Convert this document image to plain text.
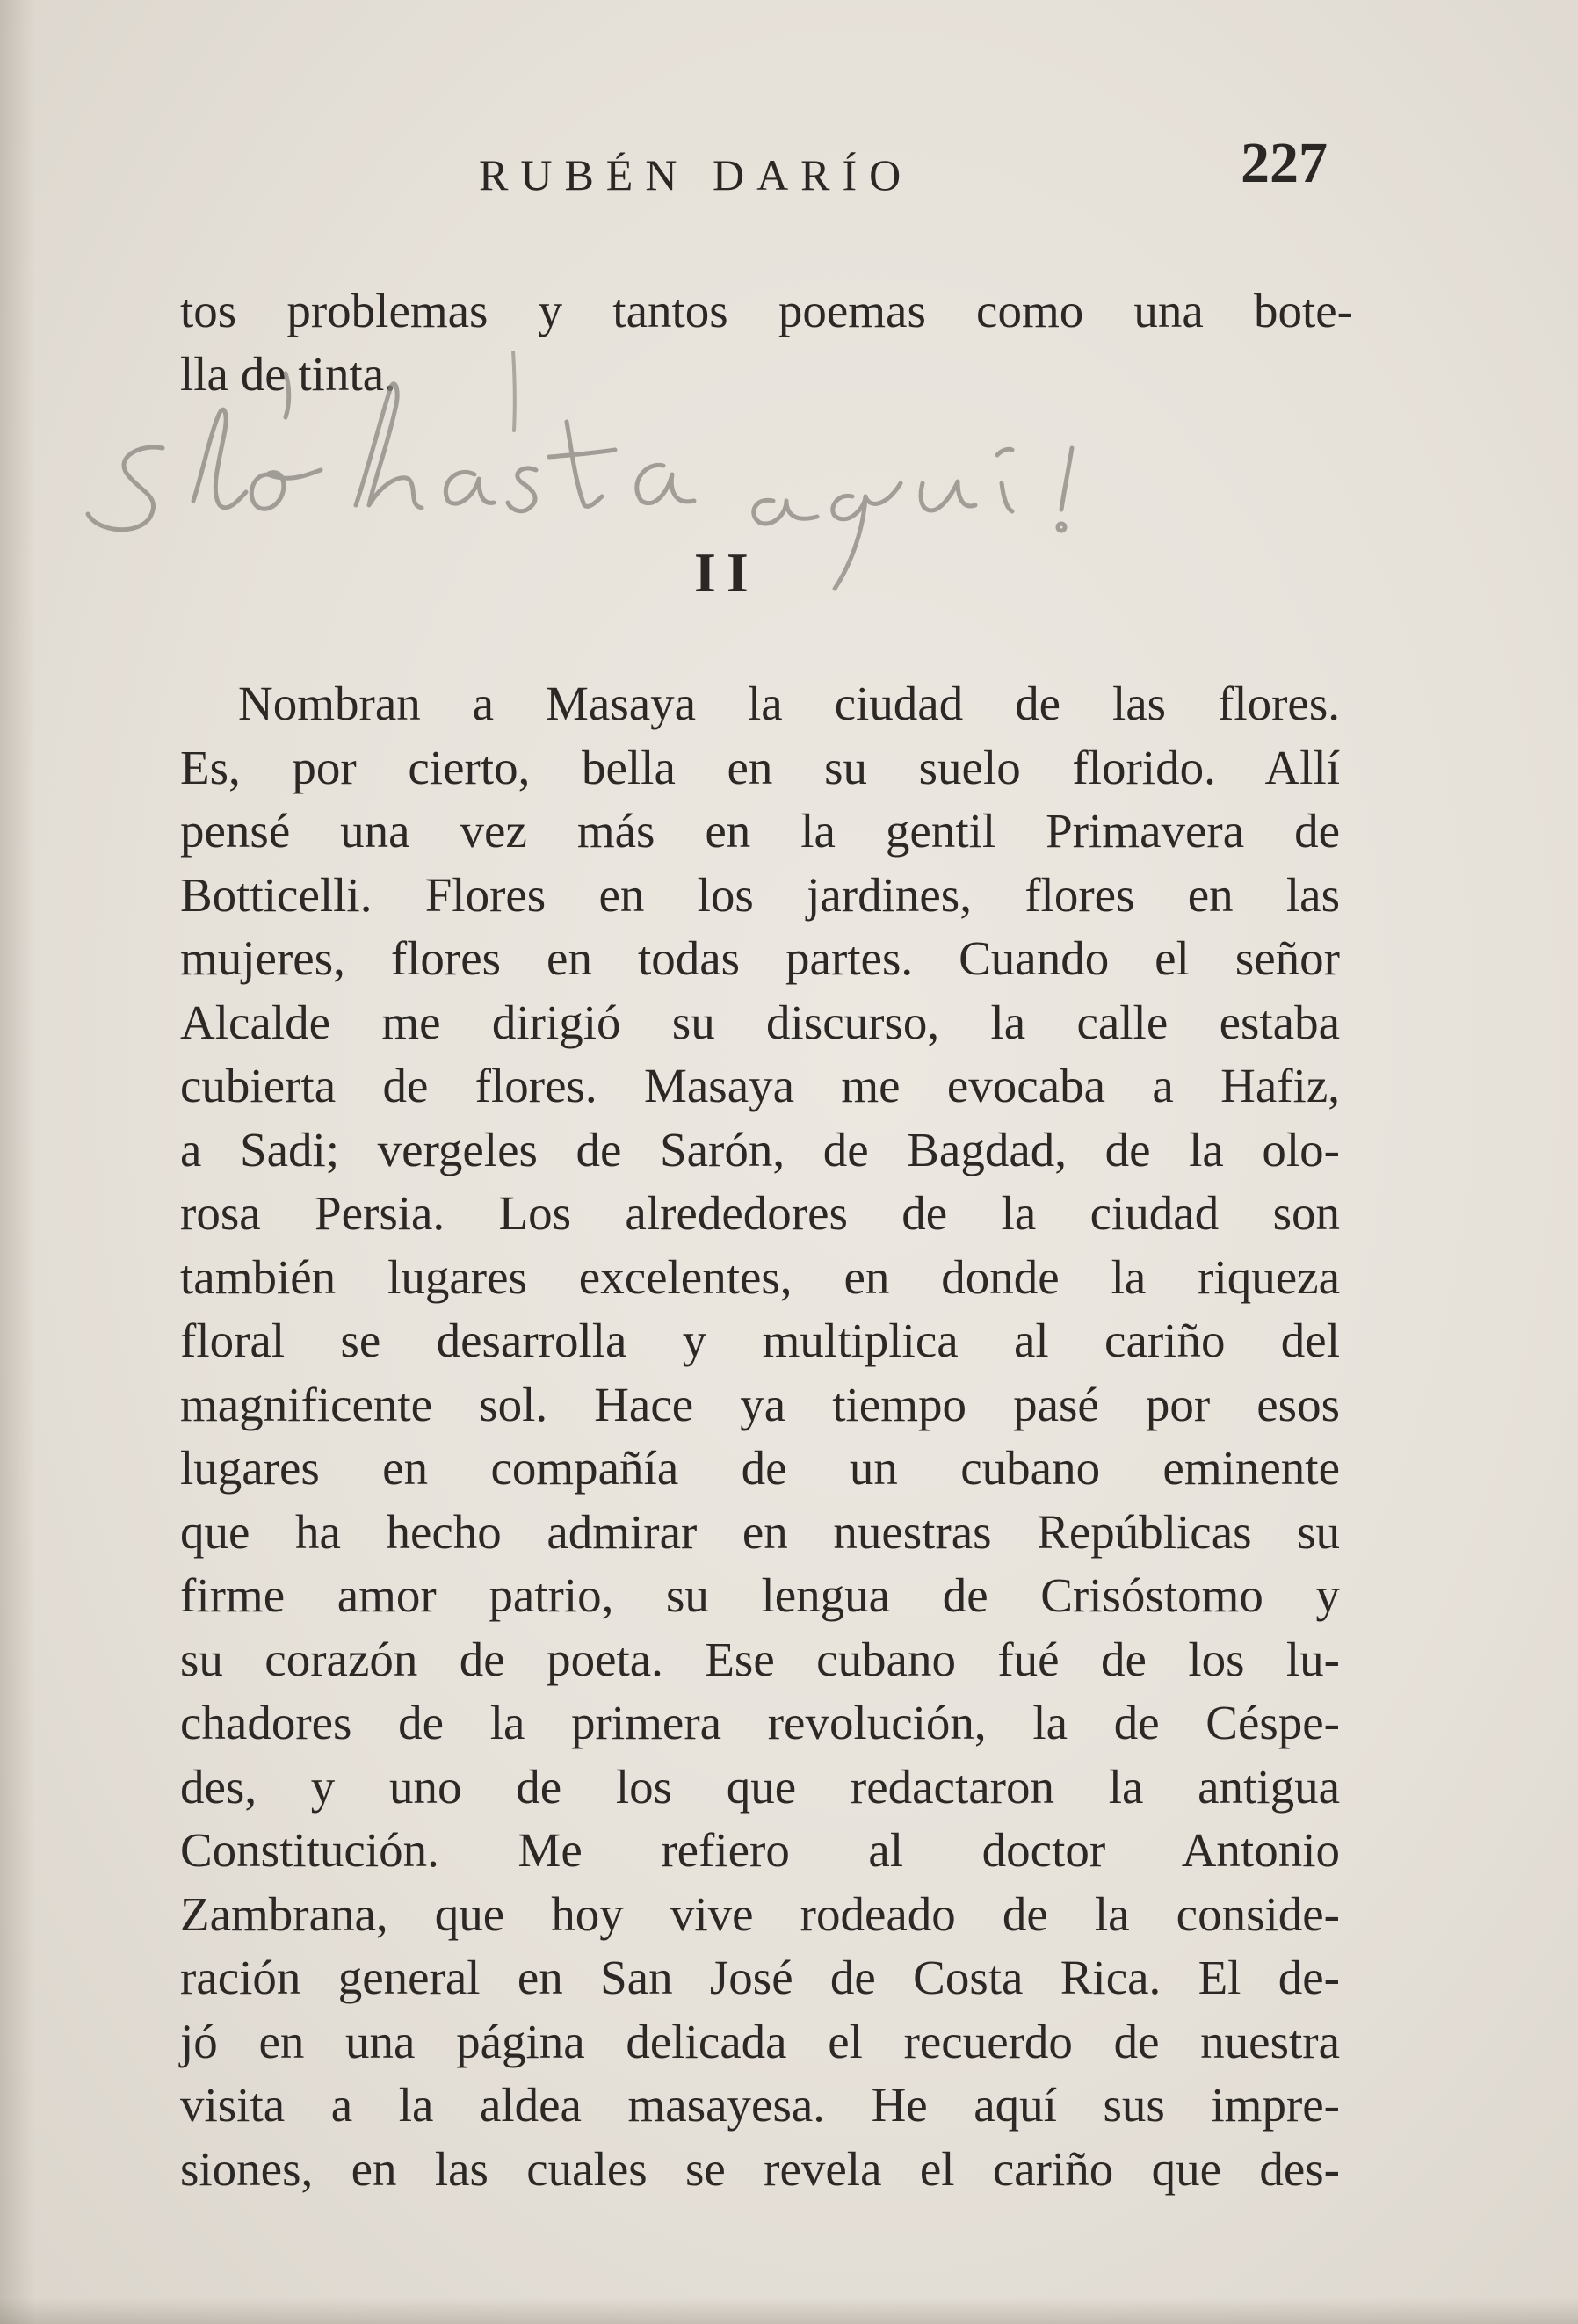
RUBÉN DARÍO	227
tos problemas y tantos poemas como una bote-
lla de tinta.
II
Nombran a Masaya la ciudad de las flores.
Es, por cierto, bella en su suelo florido. Allí
pensé una vez más en la gentil Primavera de
Botticelli. Flores en los jardines, flores en las
mujeres, flores en todas partes. Cuando el señor
Alcalde me dirigió su discurso, la calle estaba
cubierta de flores. Masaya me evocaba a Hafiz,
a Sadi; vergeles de Sarón, de Bagdad, de la olo-
rosa Persia. Los alrededores de la ciudad son
también lugares excelentes, en donde la riqueza
floral se desarrolla y multiplica al cariño del
magnificente sol. Hace ya tiempo pasé por esos
lugares en compañía de un cubano eminente
que ha hecho admirar en nuestras Repúblicas su
firme amor patrio, su lengua de Crisóstomo y
su corazón de poeta. Ese cubano fué de los lu-
chadores de la primera revolución, la de Céspe-
des, y uno de los que redactaron la antigua
Constitución. Me refiero al doctor Antonio
Zambrana, que hoy vive rodeado de la conside-
ración general en San José de Costa Rica. El de-
jó en una página delicada el recuerdo de nuestra
visita a la aldea masayesa. He aquí sus impre-
siones, en las cuales se revela el cariño que des-
